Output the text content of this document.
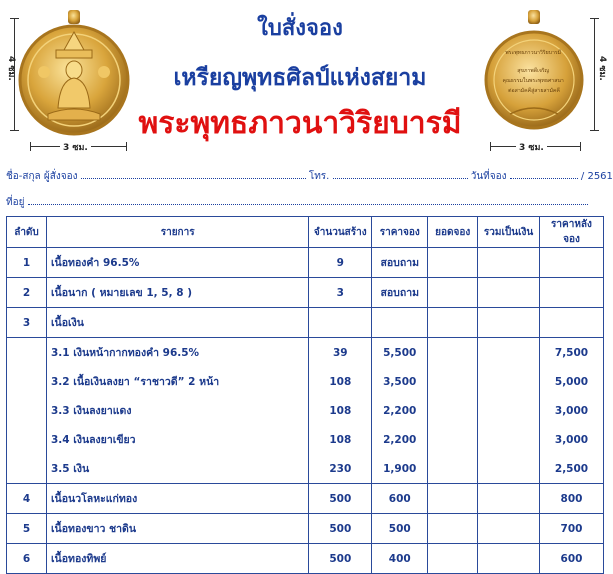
4 ซม.
3 ซม.
ใบสั่งจอง
เหรียญพุทธศิลป์แห่งสยาม
พระพุทธภาวนาวิริยบารมี
พระพุทธภาวนาวิริยบารมี สุขภาพดีเจริญ คุณธรรมในพระพุทธศาสนา ต่อสามัคคีสู่สายสามัคคี
4 ซม.
3 ซม.
ชื่อ-สกุล ผู้สั่งจอง	โทร.	วันที่จอง	/ 2561
ที่อยู่
ลำดับ	รายการ	จำนวนสร้าง	ราคาจอง	ยอดจอง	รวมเป็นเงิน	ราคาหลังจอง
1	เนื้อทองคำ 96.5%	9	สอบถาม			
2	เนื้อนาก ( หมายเลข 1, 5, 8 )	3	สอบถาม			
3	เนื้อเงิน					
	3.1 เงินหน้ากากทองคำ 96.5%	39	5,500			7,500
	3.2 เนื้อเงินลงยา “ราชาวดี” 2 หน้า	108	3,500			5,000
	3.3 เงินลงยาแดง	108	2,200			3,000
	3.4 เงินลงยาเขียว	108	2,200			3,000
	3.5 เงิน	230	1,900			2,500
4	เนื้อนวโลหะแก่ทอง	500	600			800
5	เนื้อทองขาว ชาดิน	500	500			700
6	เนื้อทองทิพย์	500	400			600
